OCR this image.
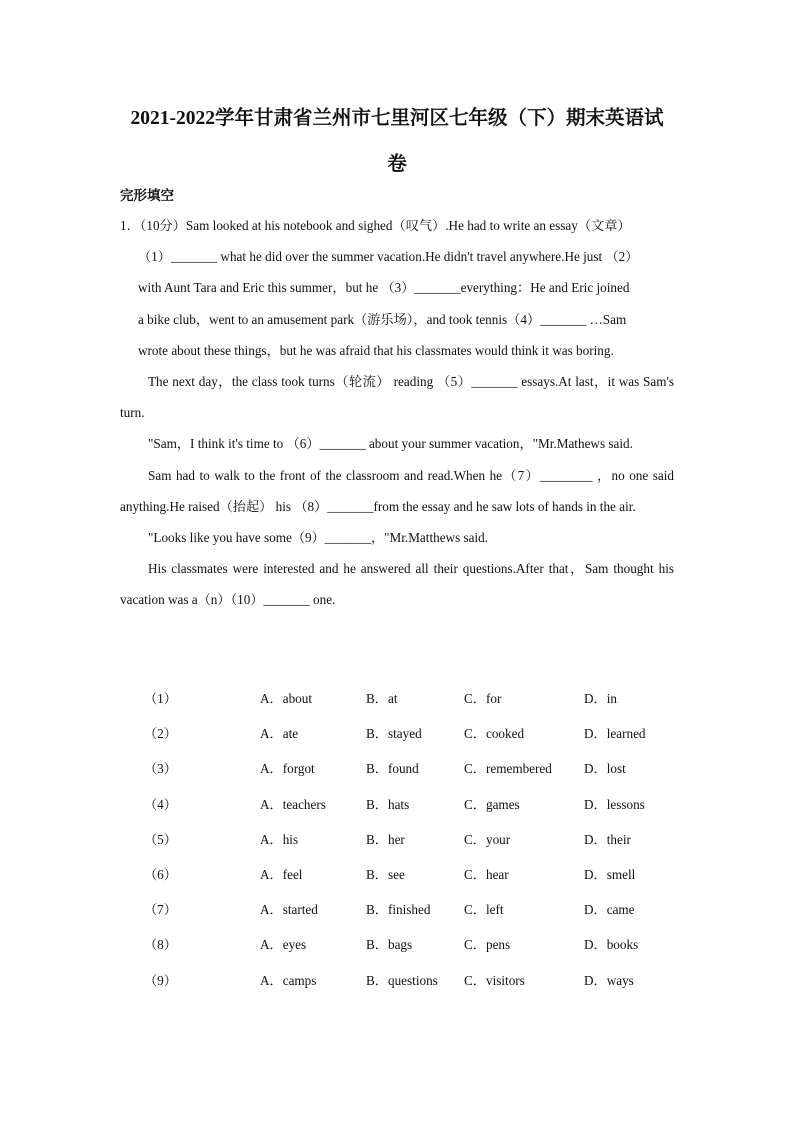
2021-2022学年甘肃省兰州市七里河区七年级（下）期末英语试
卷
完形填空

1．（10分）Sam looked at his notebook and sighed（叹气）.He had to write an essay（文章）

（1）_______ what he did over the summer vacation.He didn't travel anywhere.He just （2）

with Aunt Tara and Eric this summer，but he （3）_______everything：He and Eric joined

a bike club，went to an amusement park（游乐场），and took tennis（4）_______ …Sam

wrote about these things，but he was afraid that his classmates would think it was boring.

The next day，the class took turns（轮流） reading （5）_______ essays.At last，it was Sam's turn.

"Sam，I think it's time to （6）_______ about your summer vacation，"Mr.Mathews said.

Sam had to walk to the front of the classroom and read.When he（7）________ ，no one said anything.He raised（抬起） his （8）_______from the essay and he saw lots of hands in the air.

"Looks like you have some（9）_______，"Mr.Matthews said.

His classmates were interested and he answered all their questions.After that，Sam thought his vacation was a（n）（10）_______ one.

（1）	A．about	B．at	C．for	D．in
（2）	A．ate	B．stayed	C．cooked	D．learned
（3）	A．forgot	B．found	C．remembered	D．lost
（4）	A．teachers	B．hats	C．games	D．lessons
（5）	A．his	B．her	C．your	D．their
（6）	A．feel	B．see	C．hear	D．smell
（7）	A．started	B．finished	C．left	D．came
（8）	A．eyes	B．bags	C．pens	D．books
（9）	A．camps	B．questions	C．visitors	D．ways
